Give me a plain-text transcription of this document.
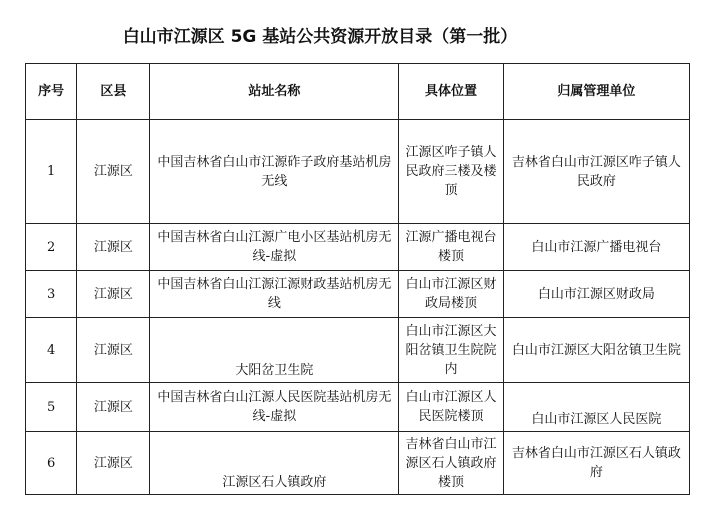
白山市江源区 5G 基站公共资源开放目录（第一批）
序号	区县	站址名称	具体位置	归属管理单位
1	江源区	中国吉林省白山市江源砟子政府基站机房无线	江源区咋子镇人民政府三楼及楼顶	吉林省白山市江源区咋子镇人民政府
2	江源区	中国吉林省白山江源广电小区基站机房无线-虚拟	江源广播电视台楼顶	白山市江源广播电视台
3	江源区	中国吉林省白山江源江源财政基站机房无线	白山市江源区财政局楼顶	白山市江源区财政局
4	江源区	大阳岔卫生院	白山市江源区大阳岔镇卫生院院内	白山市江源区大阳岔镇卫生院
5	江源区	中国吉林省白山江源人民医院基站机房无线-虚拟	白山市江源区人民医院楼顶	白山市江源区人民医院
6	江源区	江源区石人镇政府	吉林省白山市江源区石人镇政府楼顶	吉林省白山市江源区石人镇政府
